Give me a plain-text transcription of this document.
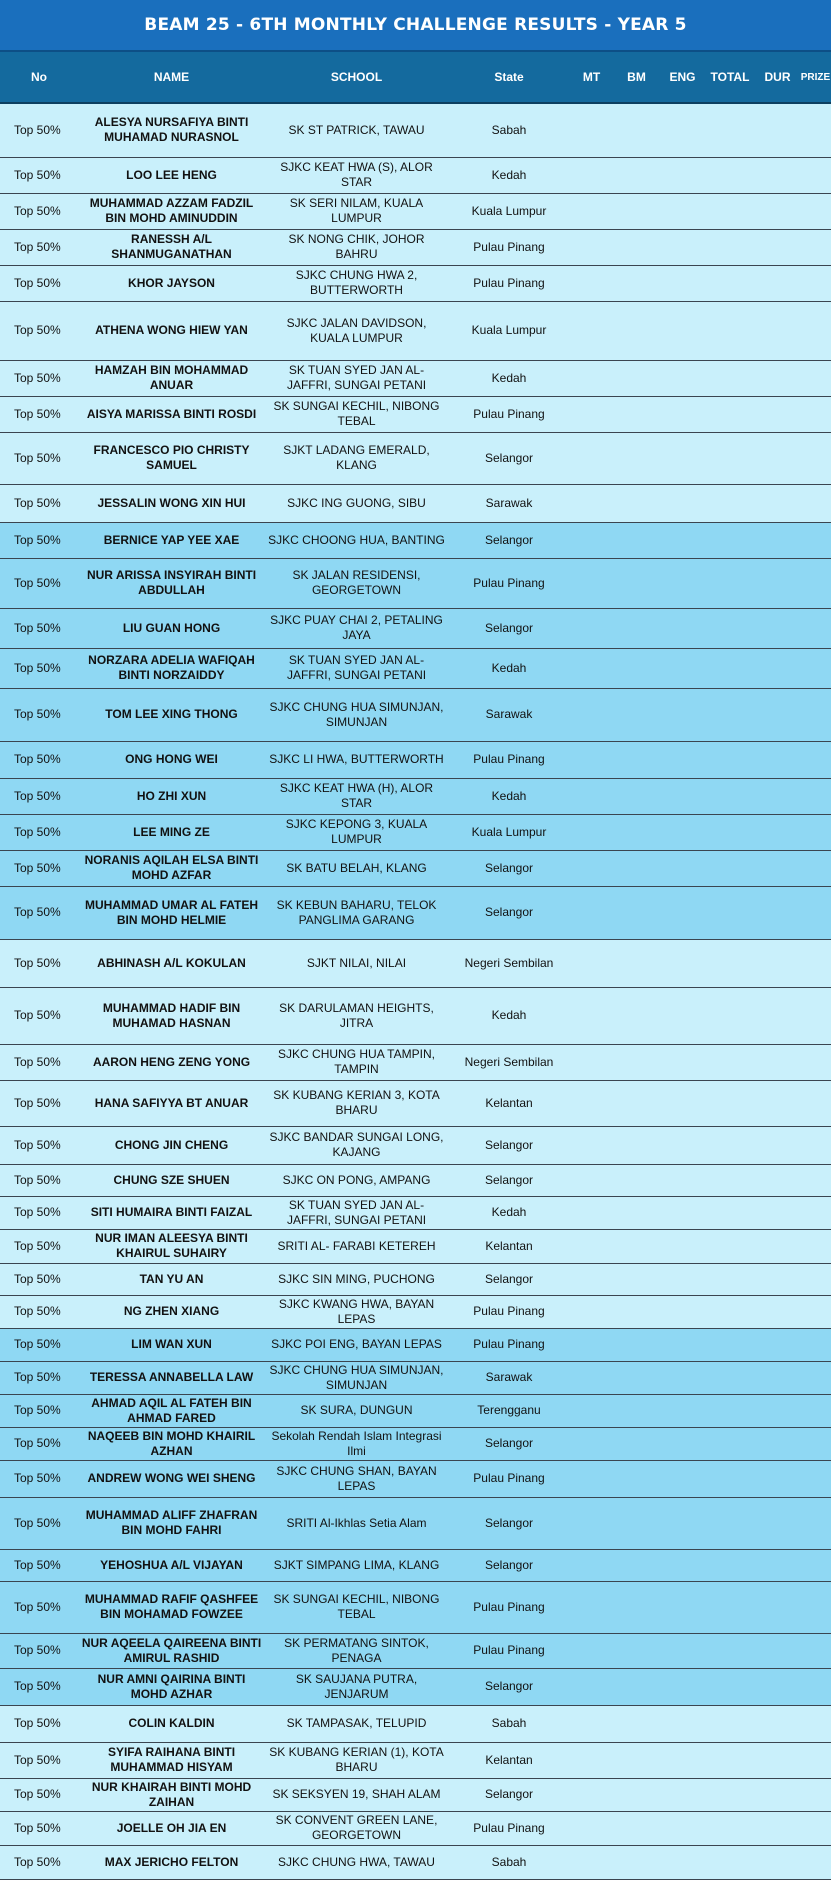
BEAM 25 - 6TH MONTHLY CHALLENGE RESULTS - YEAR 5
No	NAME	SCHOOL	State	MT	BM	ENG	TOTAL	DUR	PRIZE
Top 50%	ALESYA NURSAFIYA BINTI MUHAMAD NURASNOL	SK ST PATRICK, TAWAU	Sabah						
Top 50%	LOO LEE HENG	SJKC KEAT HWA (S), ALOR STAR	Kedah						
Top 50%	MUHAMMAD AZZAM FADZIL BIN MOHD AMINUDDIN	SK SERI NILAM, KUALA LUMPUR	Kuala Lumpur						
Top 50%	RANESSH A/L SHANMUGANATHAN	SK NONG CHIK, JOHOR BAHRU	Pulau Pinang						
Top 50%	KHOR JAYSON	SJKC CHUNG HWA 2, BUTTERWORTH	Pulau Pinang						
Top 50%	ATHENA WONG HIEW YAN	SJKC JALAN DAVIDSON, KUALA LUMPUR	Kuala Lumpur						
Top 50%	HAMZAH BIN MOHAMMAD ANUAR	SK TUAN SYED JAN AL-JAFFRI, SUNGAI PETANI	Kedah						
Top 50%	AISYA MARISSA BINTI ROSDI	SK SUNGAI KECHIL, NIBONG TEBAL	Pulau Pinang						
Top 50%	FRANCESCO PIO CHRISTY SAMUEL	SJKT LADANG EMERALD, KLANG	Selangor						
Top 50%	JESSALIN WONG XIN HUI	SJKC ING GUONG, SIBU	Sarawak						
Top 50%	BERNICE YAP YEE XAE	SJKC CHOONG HUA, BANTING	Selangor						
Top 50%	NUR ARISSA INSYIRAH BINTI ABDULLAH	SK JALAN RESIDENSI, GEORGETOWN	Pulau Pinang						
Top 50%	LIU GUAN HONG	SJKC PUAY CHAI 2, PETALING JAYA	Selangor						
Top 50%	NORZARA ADELIA WAFIQAH BINTI NORZAIDDY	SK TUAN SYED JAN AL-JAFFRI, SUNGAI PETANI	Kedah						
Top 50%	TOM LEE XING THONG	SJKC CHUNG HUA SIMUNJAN, SIMUNJAN	Sarawak						
Top 50%	ONG HONG WEI	SJKC LI HWA, BUTTERWORTH	Pulau Pinang						
Top 50%	HO ZHI XUN	SJKC KEAT HWA (H), ALOR STAR	Kedah						
Top 50%	LEE MING ZE	SJKC KEPONG 3, KUALA LUMPUR	Kuala Lumpur						
Top 50%	NORANIS AQILAH ELSA BINTI MOHD AZFAR	SK BATU BELAH, KLANG	Selangor						
Top 50%	MUHAMMAD UMAR AL FATEH BIN MOHD HELMIE	SK KEBUN BAHARU, TELOK PANGLIMA GARANG	Selangor						
Top 50%	ABHINASH A/L KOKULAN	SJKT NILAI, NILAI	Negeri Sembilan						
Top 50%	MUHAMMAD HADIF BIN MUHAMAD HASNAN	SK DARULAMAN HEIGHTS, JITRA	Kedah						
Top 50%	AARON HENG ZENG YONG	SJKC CHUNG HUA TAMPIN, TAMPIN	Negeri Sembilan						
Top 50%	HANA SAFIYYA BT ANUAR	SK KUBANG KERIAN 3, KOTA BHARU	Kelantan						
Top 50%	CHONG JIN CHENG	SJKC BANDAR SUNGAI LONG, KAJANG	Selangor						
Top 50%	CHUNG SZE SHUEN	SJKC ON PONG, AMPANG	Selangor						
Top 50%	SITI HUMAIRA BINTI FAIZAL	SK TUAN SYED JAN AL-JAFFRI, SUNGAI PETANI	Kedah						
Top 50%	NUR IMAN ALEESYA BINTI KHAIRUL SUHAIRY	SRITI AL- FARABI KETEREH	Kelantan						
Top 50%	TAN YU AN	SJKC SIN MING, PUCHONG	Selangor						
Top 50%	NG ZHEN XIANG	SJKC KWANG HWA, BAYAN LEPAS	Pulau Pinang						
Top 50%	LIM WAN XUN	SJKC POI ENG, BAYAN LEPAS	Pulau Pinang						
Top 50%	TERESSA ANNABELLA LAW	SJKC CHUNG HUA SIMUNJAN, SIMUNJAN	Sarawak						
Top 50%	AHMAD AQIL AL FATEH BIN AHMAD FARED	SK SURA, DUNGUN	Terengganu						
Top 50%	NAQEEB BIN MOHD KHAIRIL AZHAN	Sekolah Rendah Islam Integrasi Ilmi	Selangor						
Top 50%	ANDREW WONG WEI SHENG	SJKC CHUNG SHAN, BAYAN LEPAS	Pulau Pinang						
Top 50%	MUHAMMAD ALIFF ZHAFRAN BIN MOHD FAHRI	SRITI Al-Ikhlas Setia Alam	Selangor						
Top 50%	YEHOSHUA A/L VIJAYAN	SJKT SIMPANG LIMA, KLANG	Selangor						
Top 50%	MUHAMMAD RAFIF QASHFEE BIN MOHAMAD FOWZEE	SK SUNGAI KECHIL, NIBONG TEBAL	Pulau Pinang						
Top 50%	NUR AQEELA QAIREENA BINTI AMIRUL RASHID	SK PERMATANG SINTOK, PENAGA	Pulau Pinang						
Top 50%	NUR AMNI QAIRINA BINTI MOHD AZHAR	SK SAUJANA PUTRA, JENJARUM	Selangor						
Top 50%	COLIN KALDIN	SK TAMPASAK, TELUPID	Sabah						
Top 50%	SYIFA RAIHANA BINTI MUHAMMAD HISYAM	SK KUBANG KERIAN (1), KOTA BHARU	Kelantan						
Top 50%	NUR KHAIRAH BINTI MOHD ZAIHAN	SK SEKSYEN 19, SHAH ALAM	Selangor						
Top 50%	JOELLE OH JIA EN	SK CONVENT GREEN LANE, GEORGETOWN	Pulau Pinang						
Top 50%	MAX JERICHO FELTON	SJKC CHUNG HWA, TAWAU	Sabah						
